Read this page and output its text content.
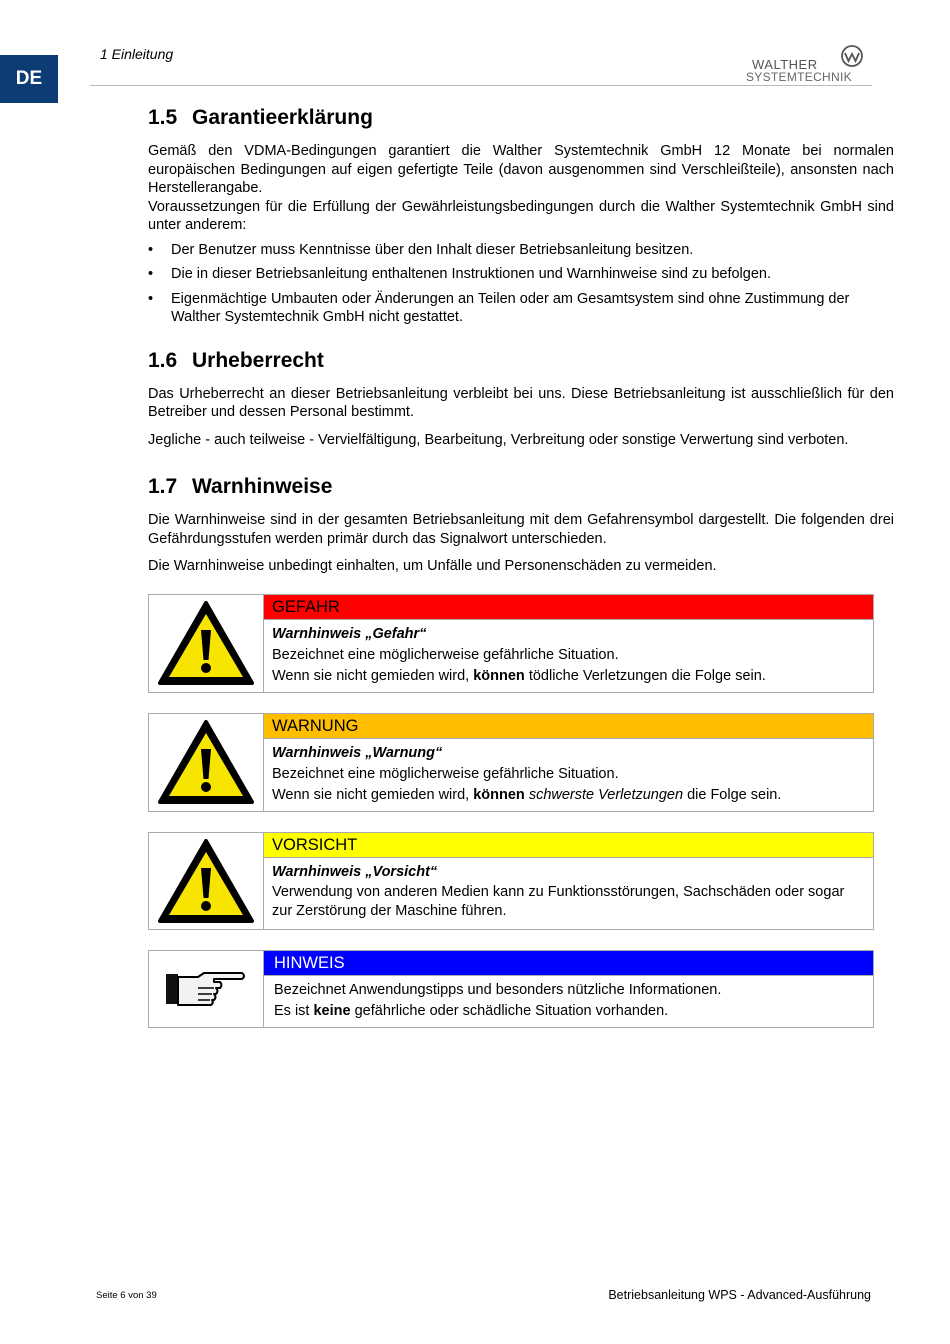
DE
1 Einleitung
WALTHER
SYSTEMTECHNIK
1.5 Garantieerklärung

Gemäß den VDMA-Bedingungen garantiert die Walther Systemtechnik GmbH 12 Monate bei normalen europäischen Bedingungen auf eigen gefertigte Teile (davon ausgenommen sind Verschleißteile), ansonsten nach Herstellerangabe.

Voraussetzungen für die Erfüllung der Gewährleistungsbedingungen durch die Walther Systemtechnik GmbH sind unter anderem:

• Der Benutzer muss Kenntnisse über den Inhalt dieser Betriebsanleitung besitzen.
• Die in dieser Betriebsanleitung enthaltenen Instruktionen und Warnhinweise sind zu befolgen.
• Eigenmächtige Umbauten oder Änderungen an Teilen oder am Gesamtsystem sind ohne Zustimmung der Walther Systemtechnik GmbH nicht gestattet.
1.6 Urheberrecht

Das Urheberrecht an dieser Betriebsanleitung verbleibt bei uns. Diese Betriebsanleitung ist ausschließlich für den Betreiber und dessen Personal bestimmt.

Jegliche - auch teilweise - Vervielfältigung, Bearbeitung, Verbreitung oder sonstige Verwertung sind verboten.

1.7 Warnhinweise

Die Warnhinweise sind in der gesamten Betriebsanleitung mit dem Gefahrensymbol dargestellt. Die folgenden drei Gefährdungsstufen werden primär durch das Signalwort unterschieden.

Die Warnhinweise unbedingt einhalten, um Unfälle und Personenschäden zu vermeiden.

GEFAHR
Warnhinweis „Gefahr“
Bezeichnet eine möglicherweise gefährliche Situation.
Wenn sie nicht gemieden wird, können tödliche Verletzungen die Folge sein.
WARNUNG
Warnhinweis „Warnung“
Bezeichnet eine möglicherweise gefährliche Situation.
Wenn sie nicht gemieden wird, können schwerste Verletzungen die Folge sein.
VORSICHT
Warnhinweis „Vorsicht“
Verwendung von anderen Medien kann zu Funktionsstörungen, Sachschäden oder sogar zur Zerstörung der Maschine führen.
HINWEIS
Bezeichnet Anwendungstipps und besonders nützliche Informationen.
Es ist keine gefährliche oder schädliche Situation vorhanden.
Seite 6 von 39	Betriebsanleitung WPS - Advanced-Ausführung
